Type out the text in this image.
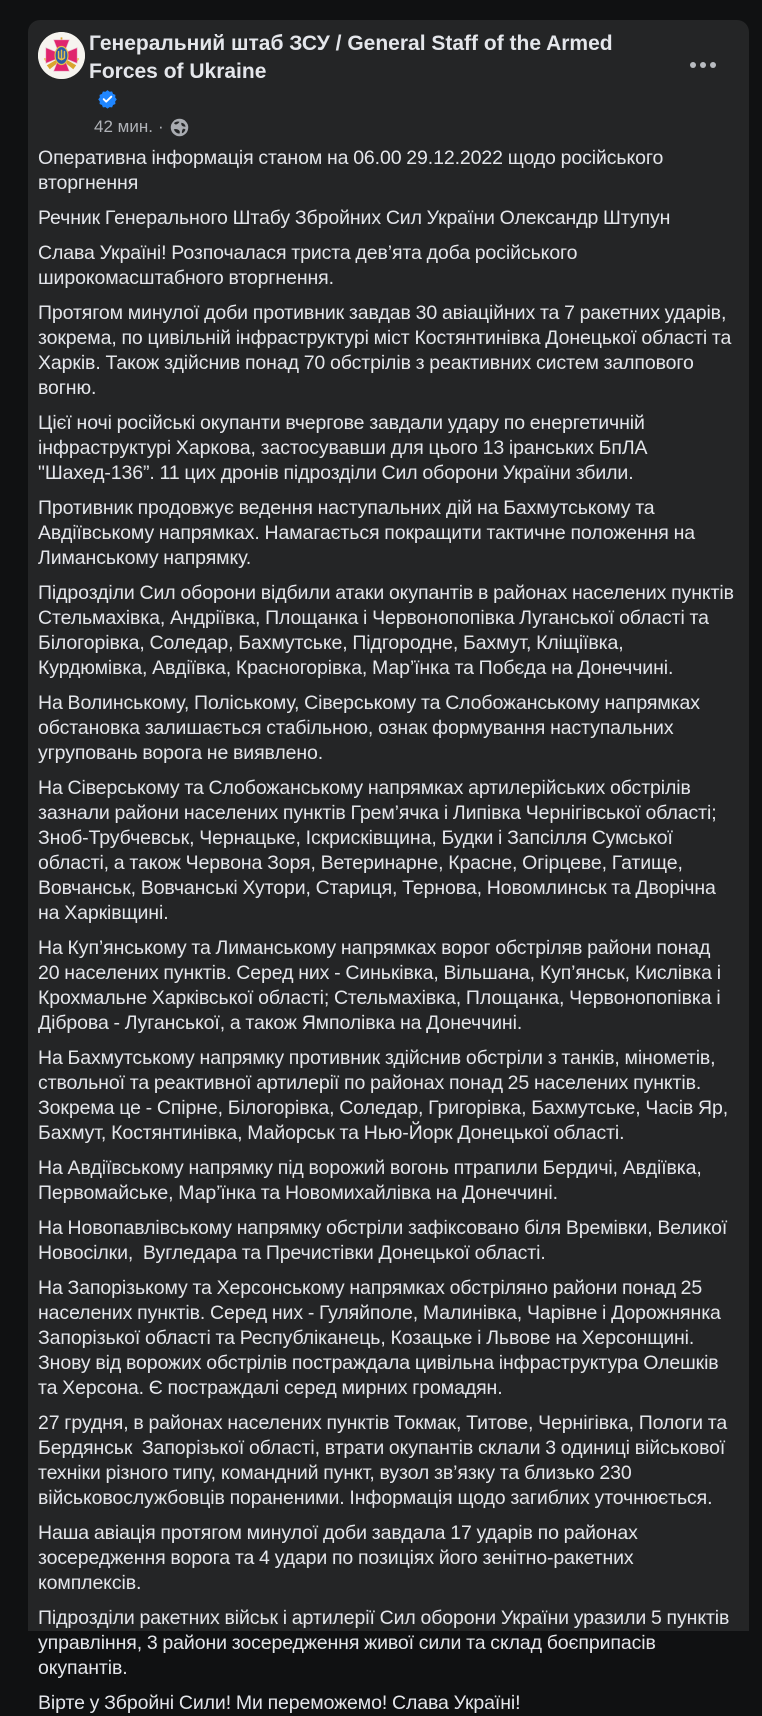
Генеральний штаб ЗСУ / General Staff of the Armed Forces of Ukraine
42 мин. ·

Оперативна інформація станом на 06.00 29.12.2022 щодо російського вторгнення

Речник Генерального Штабу Збройних Сил України Олександр Штупун

Слава Україні! Розпочалася триста дев’ята доба російського широкомасштабного вторгнення.

Протягом минулої доби противник завдав 30 авіаційних та 7 ракетних ударів, зокрема, по цивільній інфраструктурі міст Костянтинівка Донецької області та Харків. Також здійснив понад 70 обстрілів з реактивних систем залпового вогню.

Цієї ночі російські окупанти вчергове завдали удару по енергетичній інфраструктурі Харкова, застосувавши для цього 13 іранських БпЛА "Шахед-136”. 11 цих дронів підрозділи Сил оборони України збили.

Противник продовжує ведення наступальних дій на Бахмутському та Авдіївському напрямках. Намагається покращити тактичне положення на Лиманському напрямку.

Підрозділи Сил оборони відбили атаки окупантів в районах населених пунктів Стельмахівка, Андріївка, Площанка і Червонопопівка Луганської області та Білогорівка, Соледар, Бахмутське, Підгородне, Бахмут, Кліщіївка, Курдюмівка, Авдіївка, Красногорівка, Мар’їнка та Побєда на Донеччині.

На Волинському, Поліському, Сіверському та Слобожанському напрямках обстановка залишається стабільною, ознак формування наступальних угруповань ворога не виявлено.

На Сіверському та Слобожанському напрямках артилерійських обстрілів зазнали райони населених пунктів Грем’ячка і Липівка Чернігівської області; Зноб-Трубчевськ, Чернацьке, Іскрисківщина, Будки і Запсілля Сумської області, а також Червона Зоря, Ветеринарне, Красне, Огірцеве, Гатище, Вовчанськ, Вовчанські Хутори, Стариця, Тернова, Новомлинськ та Дворічна на Харківщині.

На Куп’янському та Лиманському напрямках ворог обстріляв райони понад 20 населених пунктів. Серед них - Синьківка, Вільшана, Куп’янськ, Кислівка і Крохмальне Харківської області; Стельмахівка, Площанка, Червонопопівка і Діброва - Луганської, а також Ямполівка на Донеччині.

На Бахмутському напрямку противник здійснив обстріли з танків, мінометів, ствольної та реактивної артилерії по районах понад 25 населених пунктів. Зокрема це - Спірне, Білогорівка, Соледар, Григорівка, Бахмутське, Часів Яр, Бахмут, Костянтинівка, Майорськ та Нью-Йорк Донецької області.

На Авдіївському напрямку під ворожий вогонь птрапили Бердичі, Авдіївка, Первомайське, Мар’їнка та Новомихайлівка на Донеччині.

На Новопавлівському напрямку обстріли зафіксовано біля Времівки, Великої Новосілки,  Вугледара та Пречистівки Донецької області.

На Запорізькому та Херсонському напрямках обстріляно райони понад 25 населених пунктів. Серед них - Гуляйполе, Малинівка, Чарівне і Дорожнянка Запорізької області та Республіканець, Козацьке і Львове на Херсонщині. Знову від ворожих обстрілів постраждала цивільна інфраструктура Олешків та Херсона. Є постраждалі серед мирних громадян.

27 грудня, в районах населених пунктів Токмак, Титове, Чернігівка, Пологи та Бердянськ  Запорізької області, втрати окупантів склали 3 одиниці військової техніки різного типу, командний пункт, вузол зв’язку та близько 230 військовослужбовців пораненими. Інформація щодо загиблих уточнюється.

Наша авіація протягом минулої доби завдала 17 ударів по районах зосередження ворога та 4 удари по позиціях його зенітно-ракетних комплексів.

Підрозділи ракетних військ і артилерії Сил оборони України уразили 5 пунктів управління, 3 райони зосередження живої сили та склад боєприпасів окупантів.

Вірте у Збройні Сили! Ми переможемо! Слава Україні!
